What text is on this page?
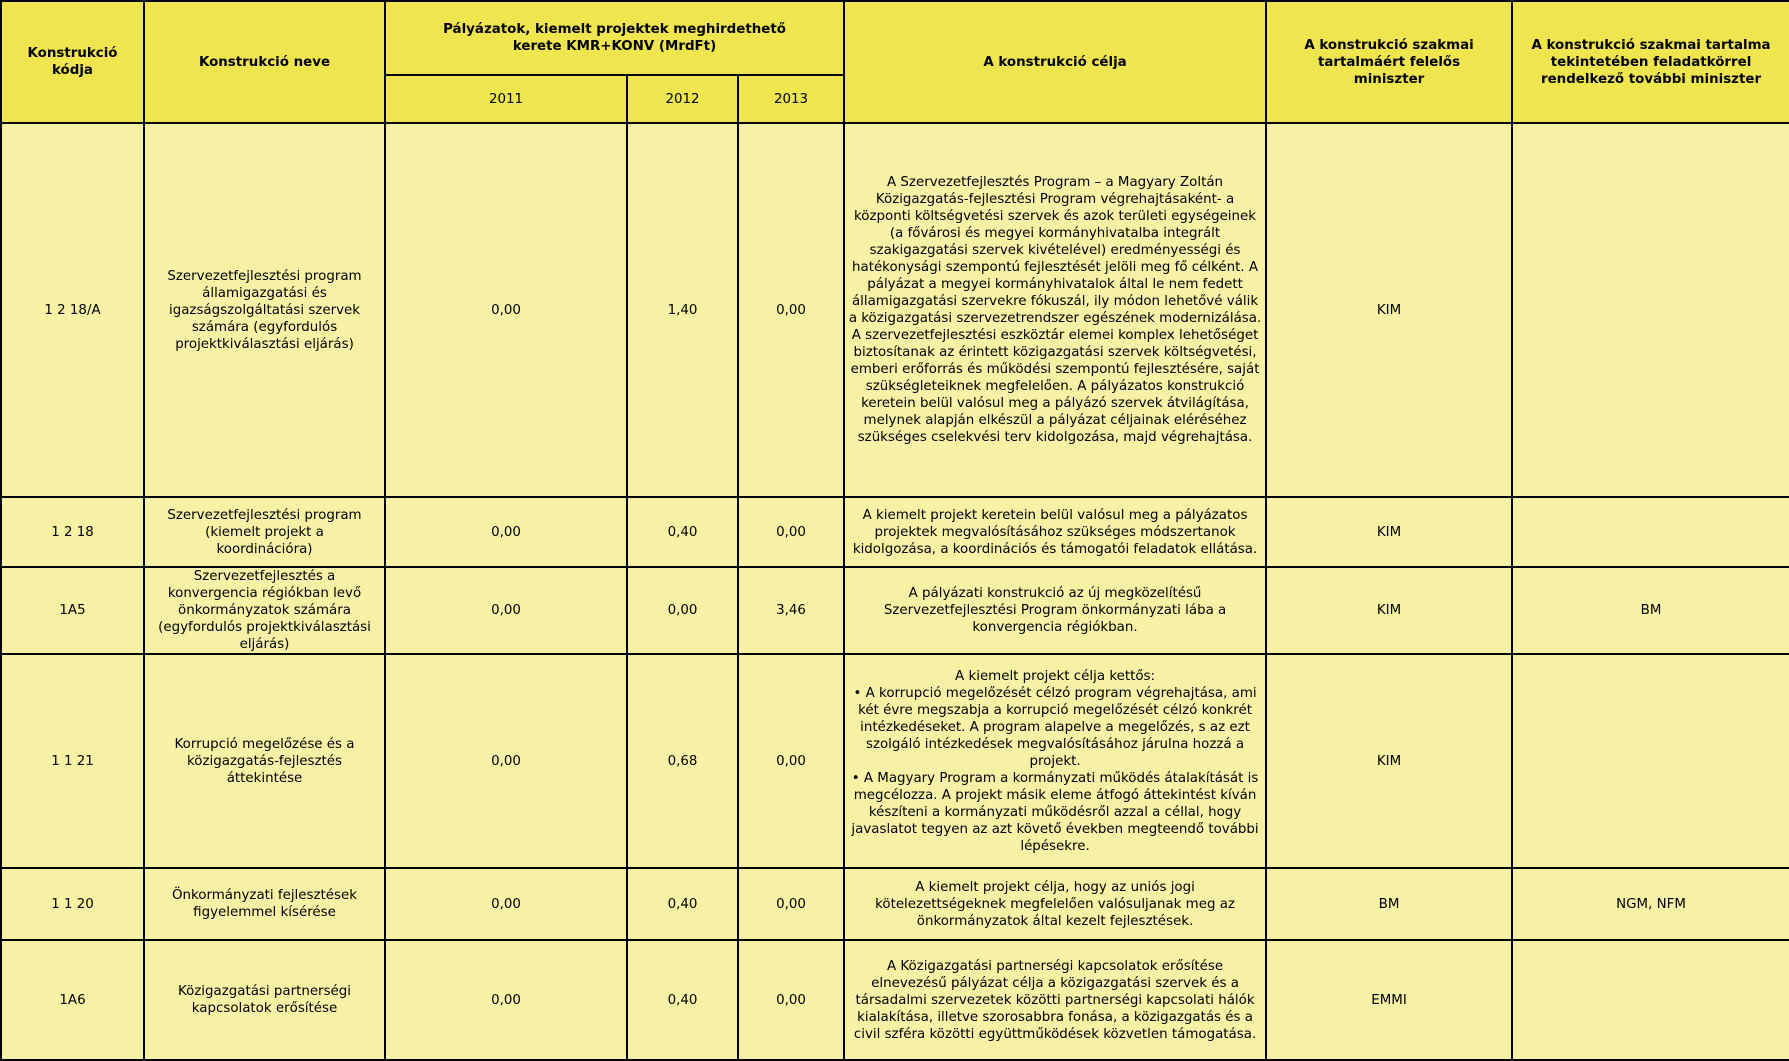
Konstrukció kódja	Konstrukció neve	Pályázatok, kiemelt projektek meghirdethető kerete KMR+KONV (MrdFt)			A konstrukció célja	A konstrukció szakmai tartalmáért felelős miniszter	A konstrukció szakmai tartalma tekintetében feladatkörrel rendelkező további miniszter
		2011	2012	2013			
1 2 18/A	Szervezetfejlesztési program államigazgatási és igazságszolgáltatási szervek számára (egyfordulós projektkiválasztási eljárás)	0,00	1,40	0,00	A Szervezetfejlesztés Program – a Magyary Zoltán Közigazgatás-fejlesztési Program végrehajtásaként- a központi költségvetési szervek és azok területi egységeinek (a fővárosi és megyei kormányhivatalba integrált szakigazgatási szervek kivételével) eredményességi és hatékonysági szempontú fejlesztését jelöli meg fő célként. A pályázat a megyei kormányhivatalok által le nem fedett államigazgatási szervekre fókuszál, ily módon lehetővé válik a közigazgatási szervezetrendszer egészének modernizálása. A szervezetfejlesztési eszköztár elemei komplex lehetőséget biztosítanak az érintett közigazgatási szervek költségvetési, emberi erőforrás és működési szempontú fejlesztésére, saját szükségleteiknek megfelelően. A pályázatos konstrukció keretein belül valósul meg a pályázó szervek átvilágítása, melynek alapján elkészül a pályázat céljainak eléréséhez szükséges cselekvési terv kidolgozása, majd végrehajtása.	KIM	
1 2 18	Szervezetfejlesztési program (kiemelt projekt a koordinációra)	0,00	0,40	0,00	A kiemelt projekt keretein belül valósul meg a pályázatos projektek megvalósításához szükséges módszertanok kidolgozása, a koordinációs és támogatói feladatok ellátása.	KIM	
1A5	Szervezetfejlesztés a konvergencia régiókban levő önkormányzatok számára (egyfordulós projektkiválasztási eljárás)	0,00	0,00	3,46	A pályázati konstrukció az új megközelítésű Szervezetfejlesztési Program önkormányzati lába a konvergencia régiókban.	KIM	BM
1 1 21	Korrupció megelőzése és a közigazgatás-fejlesztés áttekintése	0,00	0,68	0,00	A kiemelt projekt célja kettős:
• A korrupció megelőzését célzó program végrehajtása, ami két évre megszabja a korrupció megelőzését célzó konkrét intézkedéseket. A program alapelve a megelőzés, s az ezt szolgáló intézkedések megvalósításához járulna hozzá a projekt.
• A Magyary Program a kormányzati működés átalakítását is megcélozza. A projekt másik eleme átfogó áttekintést kíván készíteni a kormányzati működésről azzal a céllal, hogy javaslatot tegyen az azt követő években megteendő további lépésekre.	KIM	
1 1 20	Önkormányzati fejlesztések figyelemmel kísérése	0,00	0,40	0,00	A kiemelt projekt célja, hogy az uniós jogi kötelezettségeknek megfelelően valósuljanak meg az önkormányzatok által kezelt fejlesztések.	BM	NGM, NFM
1A6	Közigazgatási partnerségi kapcsolatok erősítése	0,00	0,40	0,00	A Közigazgatási partnerségi kapcsolatok erősítése elnevezésű pályázat célja a közigazgatási szervek és a társadalmi szervezetek közötti partnerségi kapcsolati hálók kialakítása, illetve szorosabbra fonása, a közigazgatás és a civil szféra közötti együttműködések közvetlen támogatása.	EMMI	
